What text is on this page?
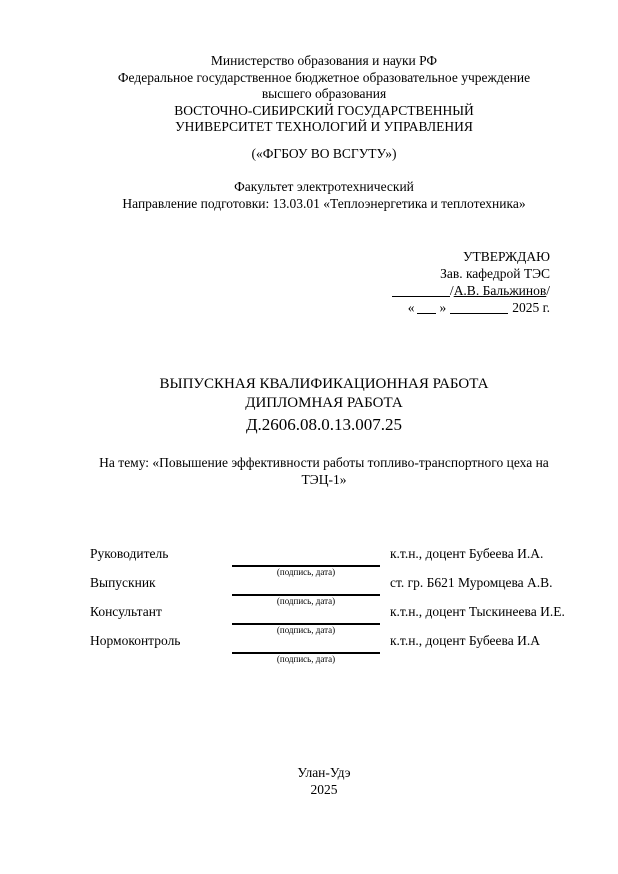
Министерство образования и науки РФ
Федеральное государственное бюджетное образовательное учреждение
высшего образования
ВОСТОЧНО-СИБИРСКИЙ ГОСУДАРСТВЕННЫЙ
УНИВЕРСИТЕТ ТЕХНОЛОГИЙ И УПРАВЛЕНИЯ
(«ФГБОУ ВО ВСГУТУ»)
Факультет электротехнический
Направление подготовки: 13.03.01 «Теплоэнергетика и теплотехника»
УТВЕРЖДАЮ
Зав. кафедрой ТЭС
/А.В. Бальжинов/
« »	2025 г.
ВЫПУСКНАЯ КВАЛИФИКАЦИОННАЯ РАБОТА
ДИПЛОМНАЯ РАБОТА
Д.2606.08.0.13.007.25
На тему: «Повышение эффективности работы топливо-транспортного цеха на ТЭЦ-1»
Руководитель
(подпись, дата)
к.т.н., доцент Бубеева И.А.
Выпускник
(подпись, дата)
ст. гр. Б621 Муромцева А.В.
Консультант
(подпись, дата)
к.т.н., доцент Тыскинеева И.Е.
Нормоконтроль
(подпись, дата)
к.т.н., доцент Бубеева И.А
Улан-Удэ
2025
